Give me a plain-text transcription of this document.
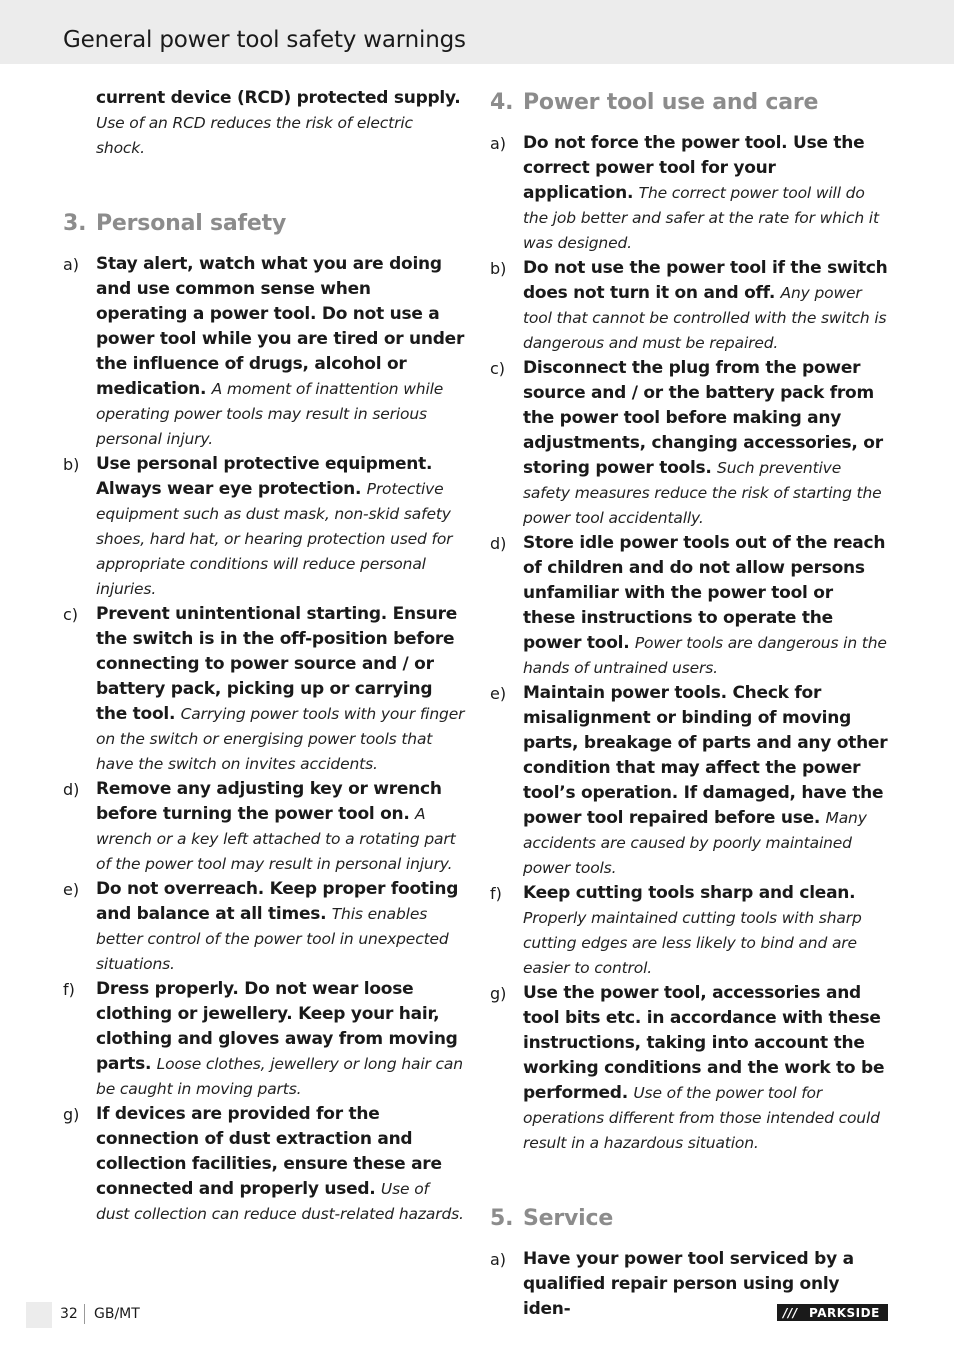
General power tool safety warnings
current device (RCD) protected supply.
Use of an RCD reduces the risk of electric shock.
3. Personal safety
a) Stay alert, watch what you are doing and use common sense when operating a power tool. Do not use a power tool while you are tired or under the influence of drugs, alcohol or medication. A moment of inattention while operating power tools may result in serious personal injury.
b) Use personal protective equipment. Always wear eye protection. Protective equipment such as dust mask, non-skid safety shoes, hard hat, or hearing protection used for appropriate conditions will reduce personal injuries.
c)	Prevent unintentional starting. Ensure the switch is in the off-position before connecting to power source and / or battery pack, picking up or carrying the tool. Carrying power tools with your finger on the switch or energising power tools that have the switch on invites accidents.
d) Remove any adjusting key or wrench before turning the power tool on. A wrench or a key left attached to a rotating part of the power tool may result in personal injury.
e) Do not overreach. Keep proper footing and balance at all times. This enables better control of the power tool in unexpected situations.
f)	Dress properly. Do not wear loose clothing or jewellery. Keep your hair, clothing and gloves away from moving parts. Loose clothes, jewellery or long hair can be caught in moving parts.
g) If devices are provided for the connection of dust extraction and collection facilities, ensure these are connected and properly used. Use of dust collection can reduce dust-related hazards.
4. Power tool use and care
a) Do not force the power tool. Use the correct power tool for your application. The correct power tool will do the job better and safer at the rate for which it was designed.
b) Do not use the power tool if the switch does not turn it on and off. Any power tool that cannot be controlled with the switch is dangerous and must be repaired.
c)	Disconnect the plug from the power source and / or the battery pack from the power tool before making any adjustments, changing accessories, or storing power tools. Such preventive safety measures reduce the risk of starting the power tool accidentally.
d) Store idle power tools out of the reach of children and do not allow persons unfamiliar with the power tool or these instructions to operate the power tool. Power tools are dangerous in the hands of untrained users.
e) Maintain power tools. Check for misalignment or binding of moving parts, breakage of parts and any other condition that may affect the power tool’s operation. If damaged, have the power tool repaired before use. Many accidents are caused by poorly maintained power tools.
f)	Keep cutting tools sharp and clean. Properly maintained cutting tools with sharp cutting edges are less likely to bind and are easier to control.
g) Use the power tool, accessories and tool bits etc. in accordance with these instructions, taking into account the working conditions and the work to be performed. Use of the power tool for operations different from those intended could result in a hazardous situation.
5. Service
a) Have your power tool serviced by a qualified repair person using only iden-
32 GB/MT	/// PARKSIDE
